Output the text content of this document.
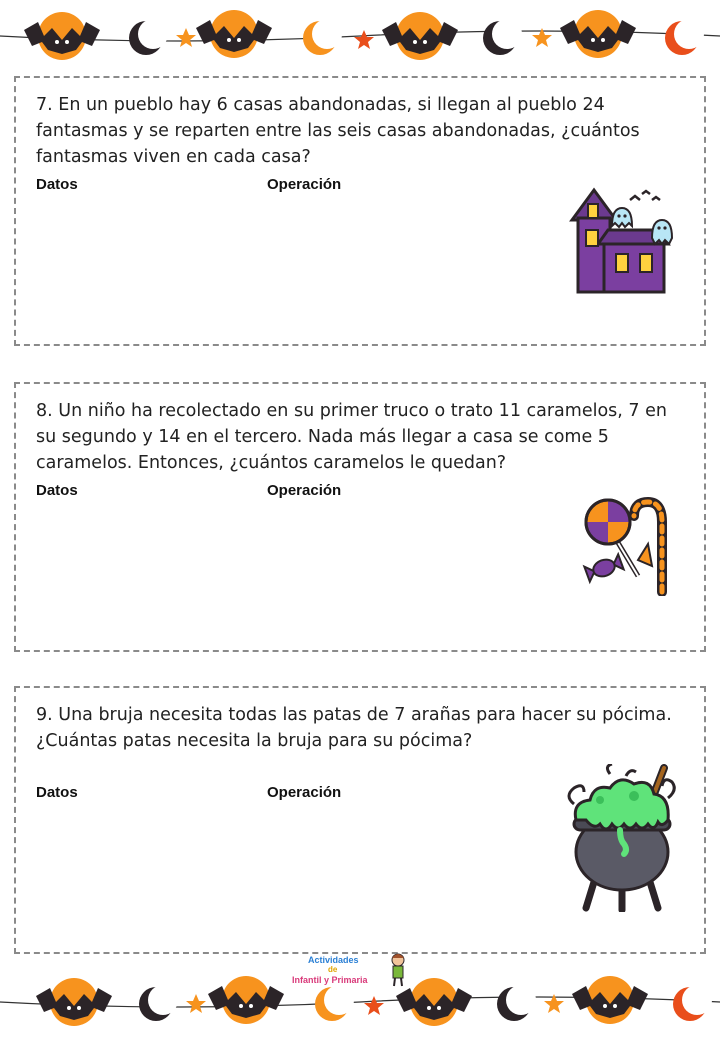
7. En un pueblo hay 6 casas abandonadas, si llegan al pueblo 24 fantasmas y se reparten entre las seis casas abandonadas, ¿cuántos fantasmas viven en cada casa?

Datos	Operación

8. Un niño ha recolectado en su primer truco o trato 11 caramelos, 7 en su segundo y 14 en el tercero. Nada más llegar a casa se come 5 caramelos. Entonces, ¿cuántos caramelos le quedan?

Datos	Operación

9. Una bruja necesita todas las patas de 7 arañas para hacer su pócima. ¿Cuántas patas necesita la bruja para su pócima?

Datos	Operación
Actividades
de
Infantil y Primaria
